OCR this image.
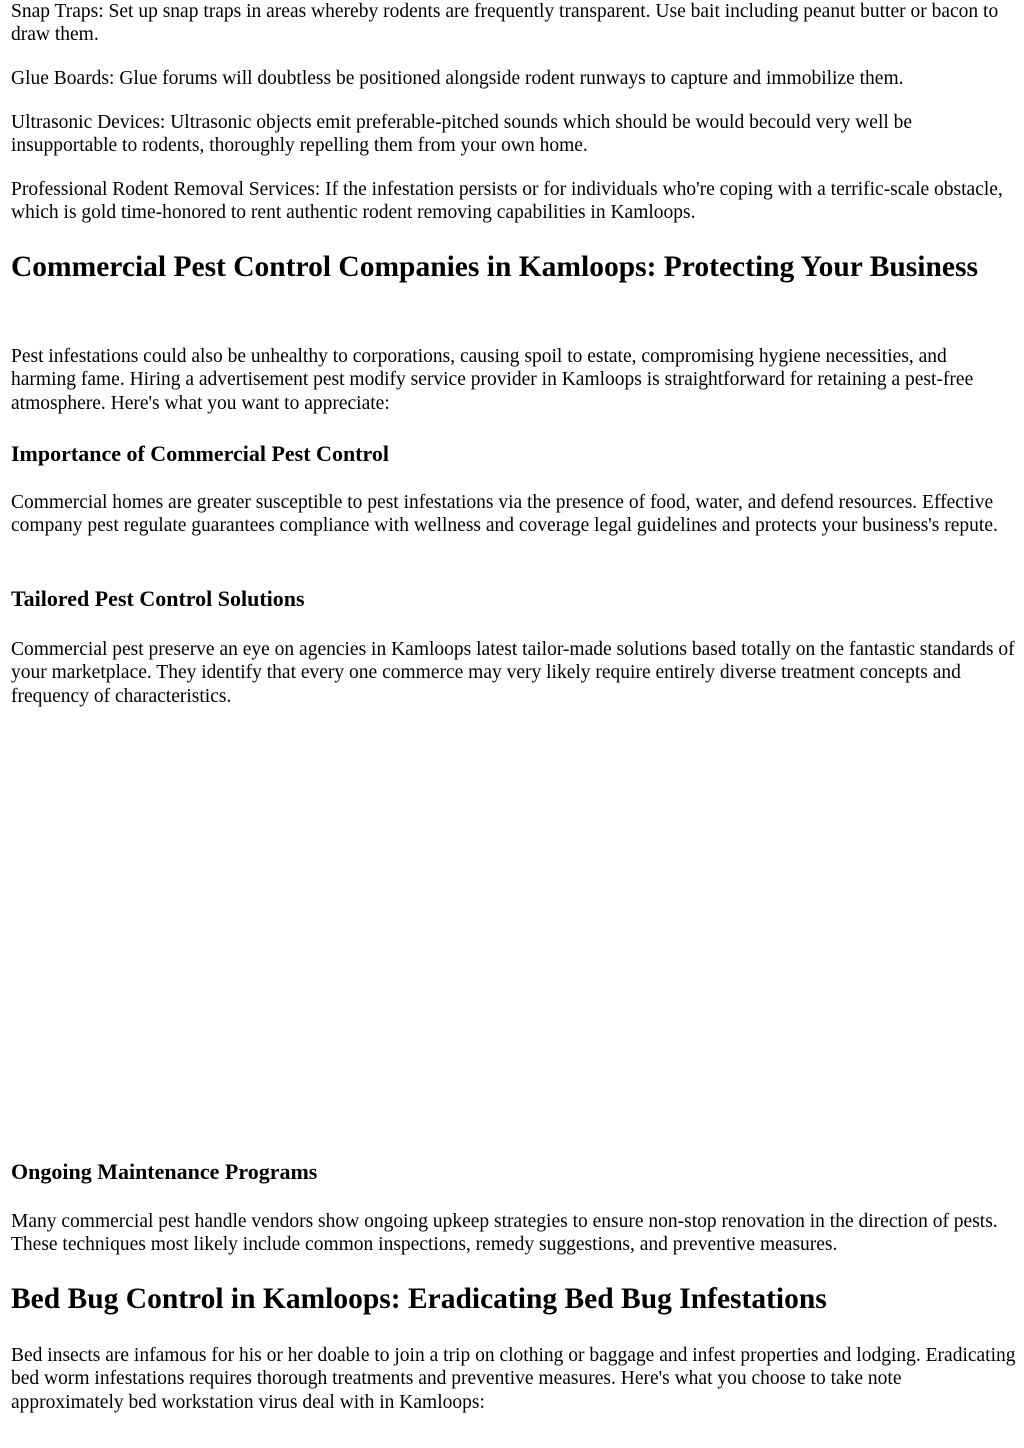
Snap Traps: Set up snap traps in areas whereby rodents are frequently transparent. Use bait including peanut butter or bacon to draw them.

Glue Boards: Glue forums will doubtless be positioned alongside rodent runways to capture and immobilize them.

Ultrasonic Devices: Ultrasonic objects emit preferable-pitched sounds which should be would becould very well be insupportable to rodents, thoroughly repelling them from your own home.

Professional Rodent Removal Services: If the infestation persists or for individuals who're coping with a terrific-scale obstacle, which is gold time-honored to rent authentic rodent removing capabilities in Kamloops.

Commercial Pest Control Companies in Kamloops: Protecting Your Business

Pest infestations could also be unhealthy to corporations, causing spoil to estate, compromising hygiene necessities, and harming fame. Hiring a advertisement pest modify service provider in Kamloops is straightforward for retaining a pest-free atmosphere. Here's what you want to appreciate:

Importance of Commercial Pest Control

Commercial homes are greater susceptible to pest infestations via the presence of food, water, and defend resources. Effective company pest regulate guarantees compliance with wellness and coverage legal guidelines and protects your business's repute.

Tailored Pest Control Solutions

Commercial pest preserve an eye on agencies in Kamloops latest tailor-made solutions based totally on the fantastic standards of your marketplace. They identify that every one commerce may very likely require entirely diverse treatment concepts and frequency of characteristics.

Ongoing Maintenance Programs

Many commercial pest handle vendors show ongoing upkeep strategies to ensure non-stop renovation in the direction of pests. These techniques most likely include common inspections, remedy suggestions, and preventive measures.

Bed Bug Control in Kamloops: Eradicating Bed Bug Infestations

Bed insects are infamous for his or her doable to join a trip on clothing or baggage and infest properties and lodging. Eradicating bed worm infestations requires thorough treatments and preventive measures. Here's what you choose to take note approximately bed workstation virus deal with in Kamloops:
